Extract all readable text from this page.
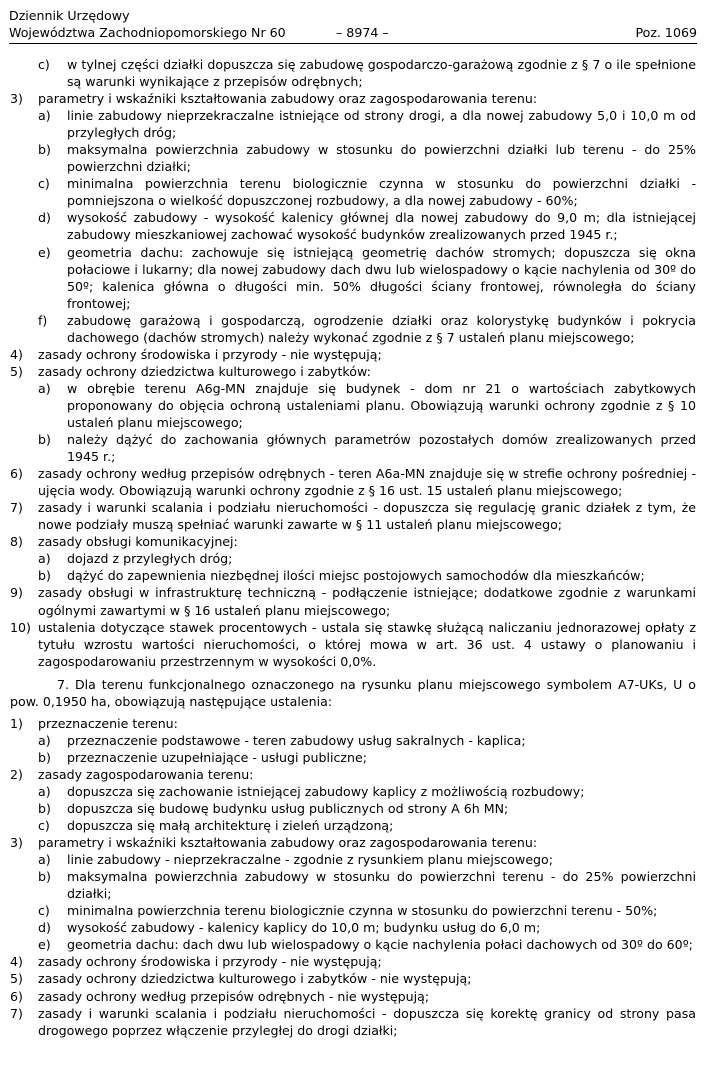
Dziennik Urzędowy
Województwa Zachodniopomorskiego Nr 60	– 8974 –	Poz. 1069
c) w tylnej części działki dopuszcza się zabudowę gospodarczo-garażową zgodnie z § 7 o ile spełnione są warunki wynikające z przepisów odrębnych;
3) parametry i wskaźniki kształtowania zabudowy oraz zagospodarowania terenu:
a) linie zabudowy nieprzekraczalne istniejące od strony drogi, a dla nowej zabudowy 5,0 i 10,0 m od przyległych dróg;
b) maksymalna powierzchnia zabudowy w stosunku do powierzchni działki lub terenu - do 25% powierzchni działki;
c) minimalna powierzchnia terenu biologicznie czynna w stosunku do powierzchni działki - pomniejszona o wielkość dopuszczonej rozbudowy, a dla nowej zabudowy - 60%;
d) wysokość zabudowy - wysokość kalenicy głównej dla nowej zabudowy do 9,0 m; dla istniejącej zabudowy mieszkaniowej zachować wysokość budynków zrealizowanych przed 1945 r.;
e) geometria dachu: zachowuje się istniejącą geometrię dachów stromych; dopuszcza się okna połaciowe i lukarny; dla nowej zabudowy dach dwu lub wielospadowy o kącie nachylenia od 30º do 50º; kalenica główna o długości min. 50% długości ściany frontowej, równoległa do ściany frontowej;
f) zabudowę garażową i gospodarczą, ogrodzenie działki oraz kolorystykę budynków i pokrycia dachowego (dachów stromych) należy wykonać zgodnie z § 7 ustaleń planu miejscowego;
4) zasady ochrony środowiska i przyrody - nie występują;
5) zasady ochrony dziedzictwa kulturowego i zabytków:
a) w obrębie terenu A6g-MN znajduje się budynek - dom nr 21 o wartościach zabytkowych proponowany do objęcia ochroną ustaleniami planu. Obowiązują warunki ochrony zgodnie z § 10 ustaleń planu miejscowego;
b) należy dążyć do zachowania głównych parametrów pozostałych domów zrealizowanych przed 1945 r.;
6) zasady ochrony według przepisów odrębnych - teren A6a-MN znajduje się w strefie ochrony pośredniej - ujęcia wody. Obowiązują warunki ochrony zgodnie z § 16 ust. 15 ustaleń planu miejscowego;
7) zasady i warunki scalania i podziału nieruchomości - dopuszcza się regulację granic działek z tym, że nowe podziały muszą spełniać warunki zawarte w § 11 ustaleń planu miejscowego;
8) zasady obsługi komunikacyjnej:
a) dojazd z przyległych dróg;
b) dążyć do zapewnienia niezbędnej ilości miejsc postojowych samochodów dla mieszkańców;
9) zasady obsługi w infrastrukturę techniczną - podłączenie istniejące; dodatkowe zgodnie z warunkami ogólnymi zawartymi w § 16 ustaleń planu miejscowego;
10) ustalenia dotyczące stawek procentowych - ustala się stawkę służącą naliczaniu jednorazowej opłaty z tytułu wzrostu wartości nieruchomości, o której mowa w art. 36 ust. 4 ustawy o planowaniu i zagospodarowaniu przestrzennym w wysokości 0,0%.
7. Dla terenu funkcjonalnego oznaczonego na rysunku planu miejscowego symbolem A7-UKs, U o pow. 0,1950 ha, obowiązują następujące ustalenia:
1) przeznaczenie terenu:
a) przeznaczenie podstawowe - teren zabudowy usług sakralnych - kaplica;
b) przeznaczenie uzupełniające - usługi publiczne;
2) zasady zagospodarowania terenu:
a) dopuszcza się zachowanie istniejącej zabudowy kaplicy z możliwością rozbudowy;
b) dopuszcza się budowę budynku usług publicznych od strony A 6h MN;
c) dopuszcza się małą architekturę i zieleń urządzoną;
3) parametry i wskaźniki kształtowania zabudowy oraz zagospodarowania terenu:
a) linie zabudowy - nieprzekraczalne - zgodnie z rysunkiem planu miejscowego;
b) maksymalna powierzchnia zabudowy w stosunku do powierzchni terenu - do 25% powierzchni działki;
c) minimalna powierzchnia terenu biologicznie czynna w stosunku do powierzchni terenu - 50%;
d) wysokość zabudowy - kalenicy kaplicy do 10,0 m; budynku usług do 6,0 m;
e) geometria dachu: dach dwu lub wielospadowy o kącie nachylenia połaci dachowych od 30º do 60º;
4) zasady ochrony środowiska i przyrody - nie występują;
5) zasady ochrony dziedzictwa kulturowego i zabytków - nie występują;
6) zasady ochrony według przepisów odrębnych - nie występują;
7) zasady i warunki scalania i podziału nieruchomości - dopuszcza się korektę granicy od strony pasa drogowego poprzez włączenie przyległej do drogi działki;
